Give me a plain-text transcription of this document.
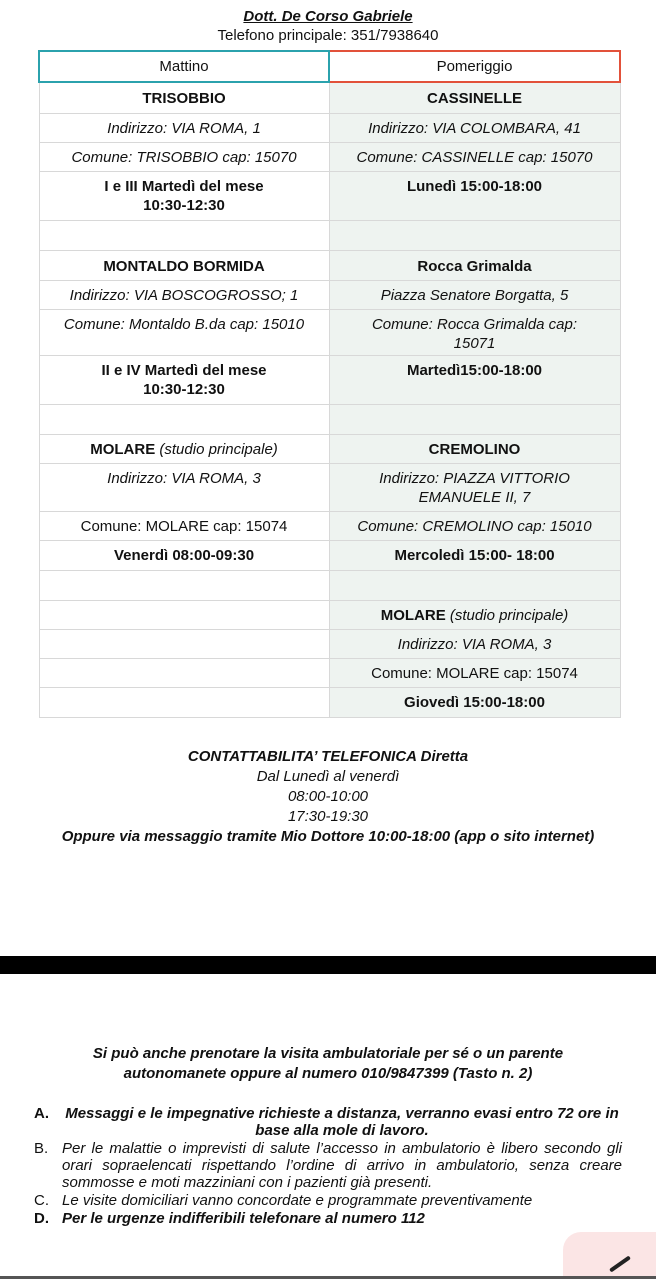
Dott. De Corso Gabriele
Telefono principale: 351/7938640
Mattino	Pomeriggio
TRISOBBIO	CASSINELLE
Indirizzo: VIA ROMA, 1	Indirizzo: VIA COLOMBARA, 41
Comune: TRISOBBIO cap: 15070	Comune: CASSINELLE cap: 15070

I e III Martedì del mese
10:30-12:30	Lunedì 15:00-18:00

MONTALDO BORMIDA	Rocca Grimalda
Indirizzo: VIA BOSCOGROSSO; 1	Piazza Senatore Borgatta, 5
Comune: Montaldo B.da cap: 15010	Comune: Rocca Grimalda cap: 15071

II e IV Martedì del mese
10:30-12:30	Martedì15:00-18:00

MOLARE (studio principale)	CREMOLINO
Indirizzo: VIA ROMA, 3	Indirizzo: PIAZZA VITTORIO EMANUELE II, 7
Comune: MOLARE cap: 15074	Comune: CREMOLINO cap: 15010
Venerdì 08:00-09:30	Mercoledì 15:00- 18:00

	MOLARE (studio principale)
	Indirizzo: VIA ROMA, 3
	Comune: MOLARE cap: 15074
	Giovedì 15:00-18:00
CONTATTABILITA’ TELEFONICA Diretta
Dal Lunedì al venerdì
08:00-10:00
17:30-19:30
Oppure via messaggio tramite Mio Dottore 10:00-18:00 (app o sito internet)
Si può anche prenotare la visita ambulatoriale per sé o un parente autonomanete oppure al numero 010/9847399 (Tasto n. 2)
A.	Messaggi e le impegnative richieste a distanza, verranno evasi entro 72 ore in base alla mole di lavoro.
B. Per le malattie o imprevisti di salute l’accesso in ambulatorio è libero secondo gli orari sopraelencati rispettando l’ordine di arrivo in ambulatorio, senza creare sommosse e moti mazziniani con i pazienti già presenti.
C. Le visite domiciliari vanno concordate e programmate preventivamente
D. Per le urgenze indifferibili telefonare al numero 112
